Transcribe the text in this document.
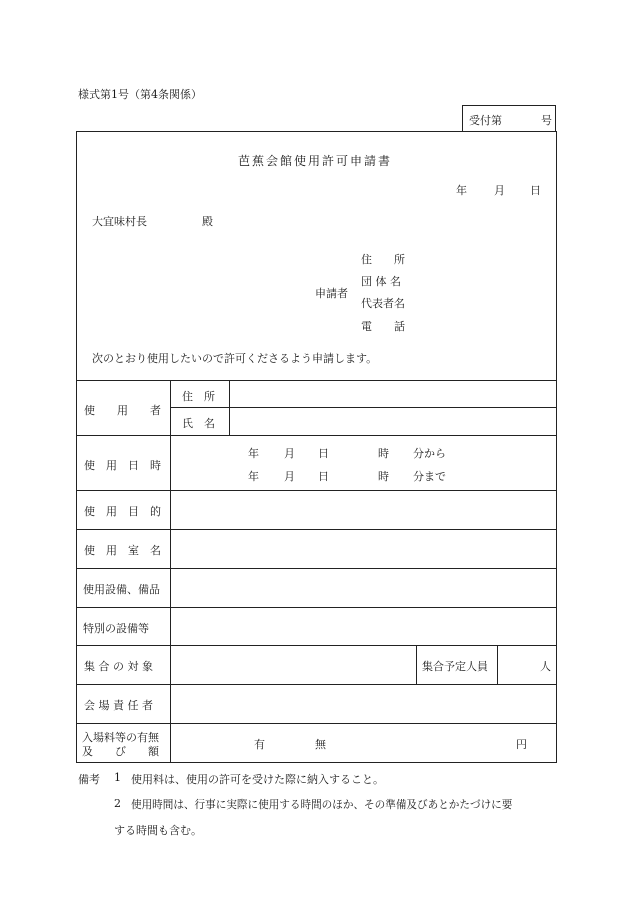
様式第1号（第4条関係）
受付第	号
芭蕉会館使用許可申請書
年 月 日
大宜味村長	殿
申請者
住　　所
団 体 名
代表者名
電　　話
次のとおり使用したいので許可くださるよう申請します。
使　　用　　者
住　所
氏　名
使　用　日　時
年 月 日	時 分から
年 月 日	時 分まで
使　用　目　的
使　用　室　名
使用設備、備品
特別の設備等
集 合 の 対 象	集合予定人員	人
会 場 責 任 者
入場料等の有無
及　　び　　額
有	無	円
備考 1 使用料は、使用の許可を受けた際に納入すること。
2 使用時間は、行事に実際に使用する時間のほか、その準備及びあとかたづけに要
する時間も含む。
